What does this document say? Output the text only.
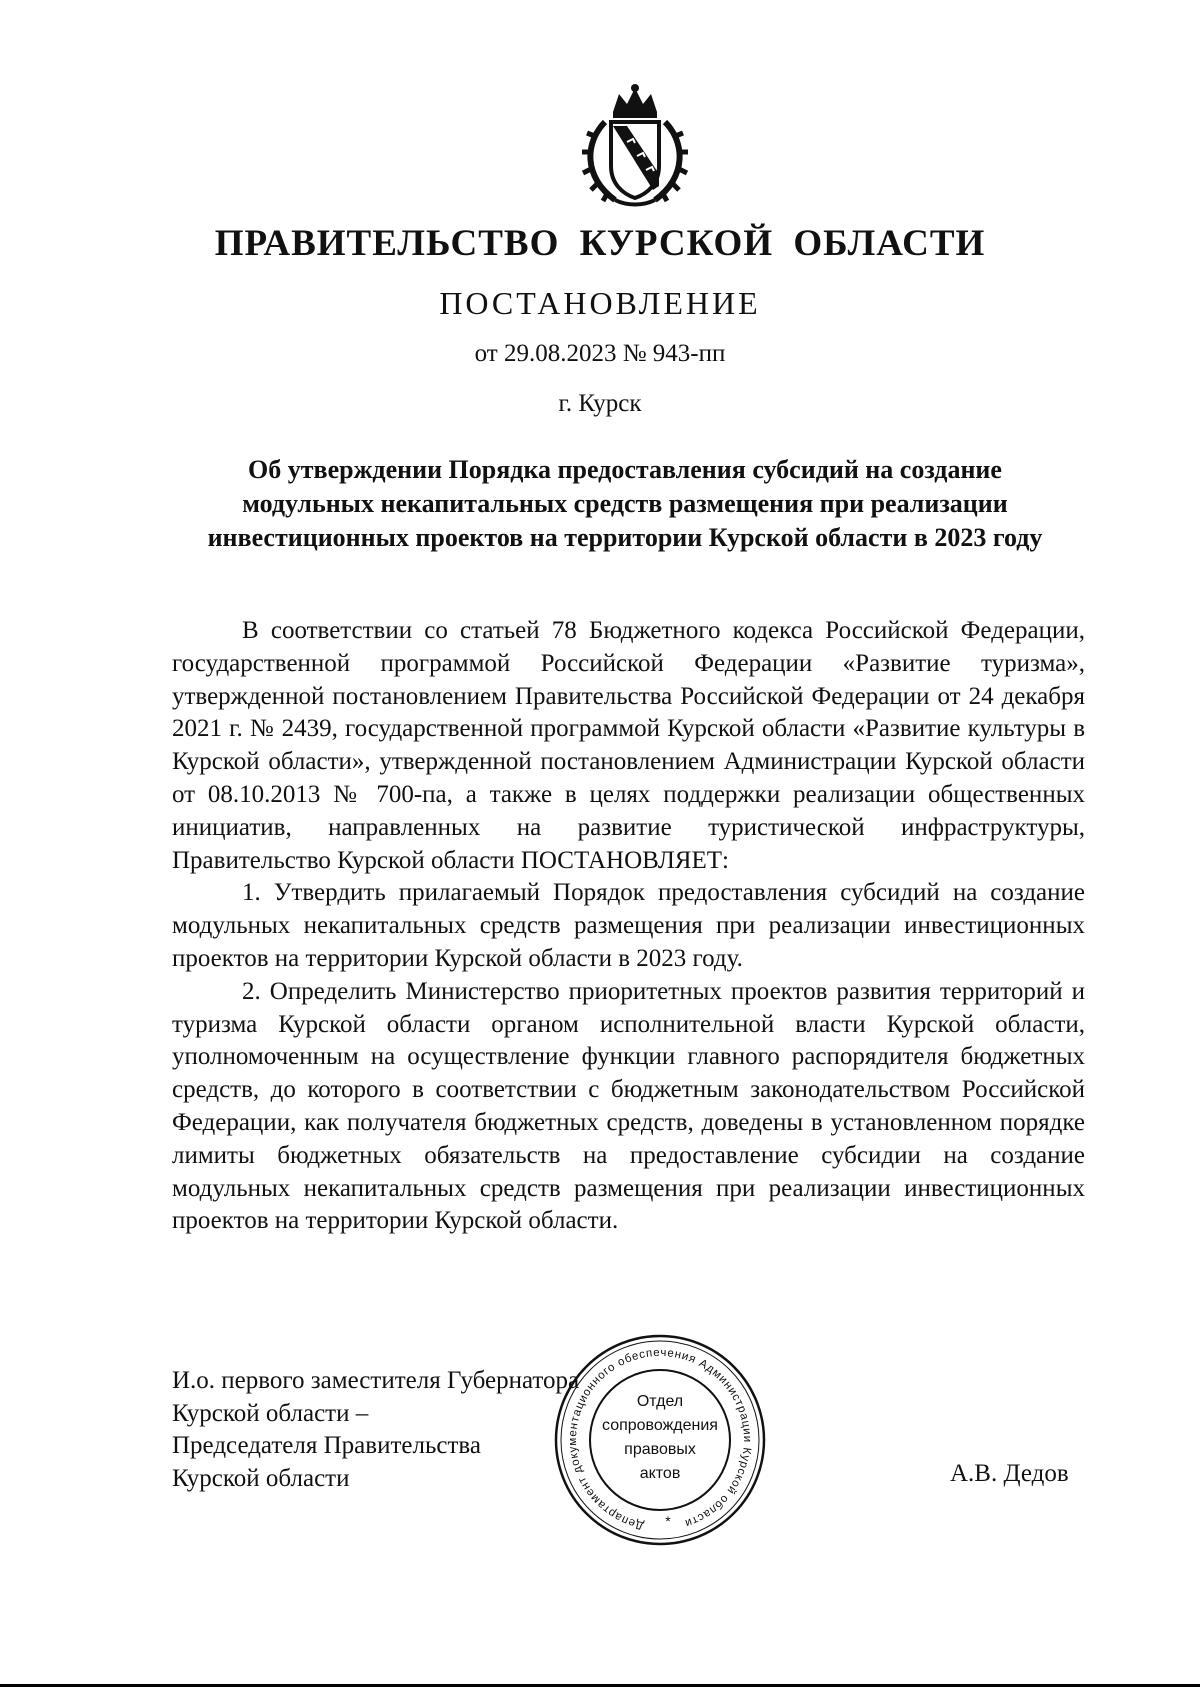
ПРАВИТЕЛЬСТВО КУРСКОЙ ОБЛАСТИ
ПОСТАНОВЛЕНИЕ
от 29.08.2023 № 943-пп
г. Курск
Об утверждении Порядка предоставления субсидий на создание
модульных некапитальных средств размещения при реализации
инвестиционных проектов на территории Курской области в 2023 году

В соответствии со статьей 78 Бюджетного кодекса Российской Федерации, государственной программой Российской Федерации «Развитие туризма», утвержденной постановлением Правительства Российской Федерации от 24 декабря 2021 г. № 2439, государственной программой Курской области «Развитие культуры в Курской области», утвержденной постановлением Администрации Курской области от 08.10.2013 № 700-па, а также в целях поддержки реализации общественных инициатив, направленных на развитие туристической инфраструктуры, Правительство Курской области ПОСТАНОВЛЯЕТ:

1. Утвердить прилагаемый Порядок предоставления субсидий на создание модульных некапитальных средств размещения при реализации инвестиционных проектов на территории Курской области в 2023 году.

2. Определить Министерство приоритетных проектов развития территорий и туризма Курской области органом исполнительной власти Курской области, уполномоченным на осуществление функции главного распорядителя бюджетных средств, до которого в соответствии с бюджетным законодательством Российской Федерации, как получателя бюджетных средств, доведены в установленном порядке лимиты бюджетных обязательств на предоставление субсидии на создание модульных некапитальных средств размещения при реализации инвестиционных проектов на территории Курской области.

И.о. первого заместителя Губернатора
Курской области –
Председателя Правительства
Курской области	А.В. Дедов
Департамент документационного обеспечения Администрации Курской области
Отдел
сопровождения
правовых
актов
*
